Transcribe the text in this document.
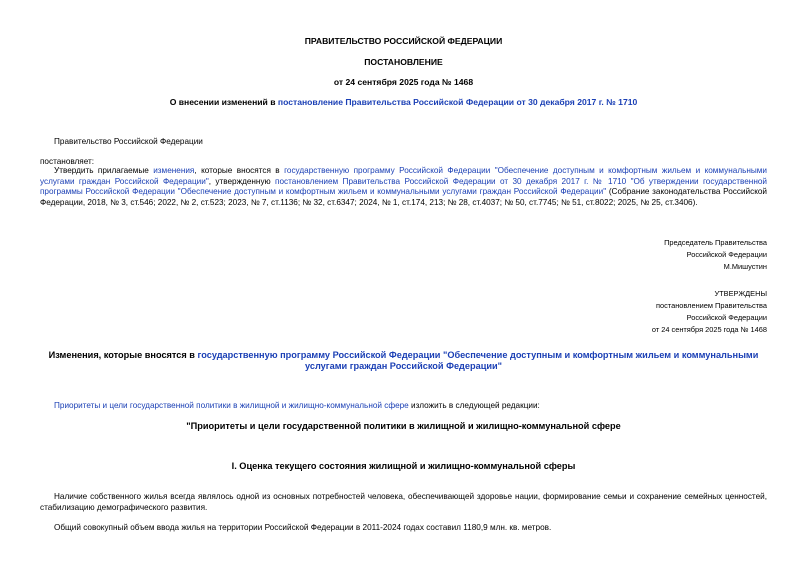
ПРАВИТЕЛЬСТВО РОССИЙСКОЙ ФЕДЕРАЦИИ
ПОСТАНОВЛЕНИЕ
от 24 сентября 2025 года № 1468
О внесении изменений в постановление Правительства Российской Федерации от 30 декабря 2017 г. № 1710
Правительство Российской Федерации
постановляет:

Утвердить прилагаемые изменения, которые вносятся в государственную программу Российской Федерации "Обеспечение доступным и комфортным жильем и коммунальными услугами граждан Российской Федерации", утвержденную постановлением Правительства Российской Федерации от 30 декабря 2017 г. № 1710 "Об утверждении государственной программы Российской Федерации "Обеспечение доступным и комфортным жильем и коммунальными услугами граждан Российской Федерации" (Собрание законодательства Российской Федерации, 2018, № 3, ст.546; 2022, № 2, ст.523; 2023, № 7, ст.1136; № 32, ст.6347; 2024, № 1, ст.174, 213; № 28, ст.4037; № 50, ст.7745; № 51, ст.8022; 2025, № 25, ст.3406).

Председатель Правительства
Российской Федерации
М.Мишустин
УТВЕРЖДЕНЫ
постановлением Правительства
Российской Федерации
от 24 сентября 2025 года № 1468
Изменения, которые вносятся в государственную программу Российской Федерации "Обеспечение доступным и комфортным жильем и коммунальными услугами граждан Российской Федерации"
Приоритеты и цели государственной политики в жилищной и жилищно-коммунальной сфере изложить в следующей редакции:
"Приоритеты и цели государственной политики в жилищной и жилищно-коммунальной сфере
I. Оценка текущего состояния жилищной и жилищно-коммунальной сферы

Наличие собственного жилья всегда являлось одной из основных потребностей человека, обеспечивающей здоровье нации, формирование семьи и сохранение семейных ценностей, стабилизацию демографического развития.

Общий совокупный объем ввода жилья на территории Российской Федерации в 2011-2024 годах составил 1180,9 млн. кв. метров.
